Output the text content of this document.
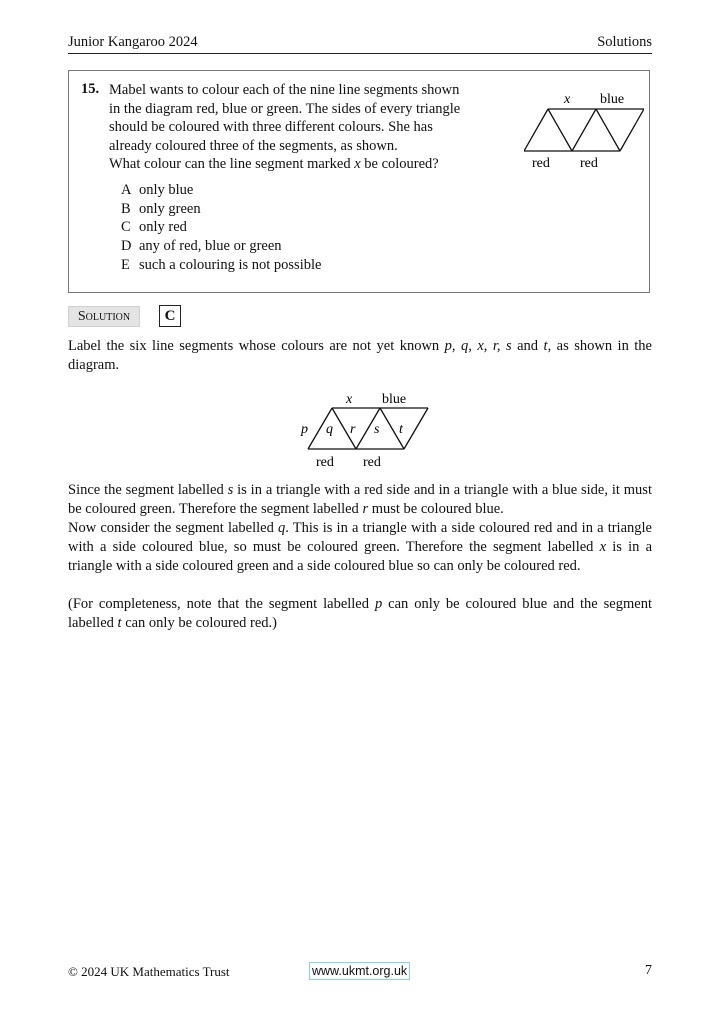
Junior Kangaroo 2024	Solutions
15. Mabel wants to colour each of the nine line segments shown

in the diagram red, blue or green. The sides of every triangle

should be coloured with three different colours. She has

already coloured three of the segments, as shown.

What colour can the line segment marked x be coloured?

A only blue
B only green
C only red
D any of red, blue or green
E such a colouring is not possible
x blue
red red
Solution	C

Label the six line segments whose colours are not yet known p, q, x, r, s and t, as shown in the diagram.

x blue
p q r s t
red red

Since the segment labelled s is in a triangle with a red side and in a triangle with a blue side, it must be coloured green. Therefore the segment labelled r must be coloured blue.

Now consider the segment labelled q. This is in a triangle with a side coloured red and in a triangle with a side coloured blue, so must be coloured green. Therefore the segment labelled x is in a triangle with a side coloured green and a side coloured blue so can only be coloured red.

(For completeness, note that the segment labelled p can only be coloured blue and the segment labelled t can only be coloured red.)

© 2024 UK Mathematics Trust	www.ukmt.org.uk	7
